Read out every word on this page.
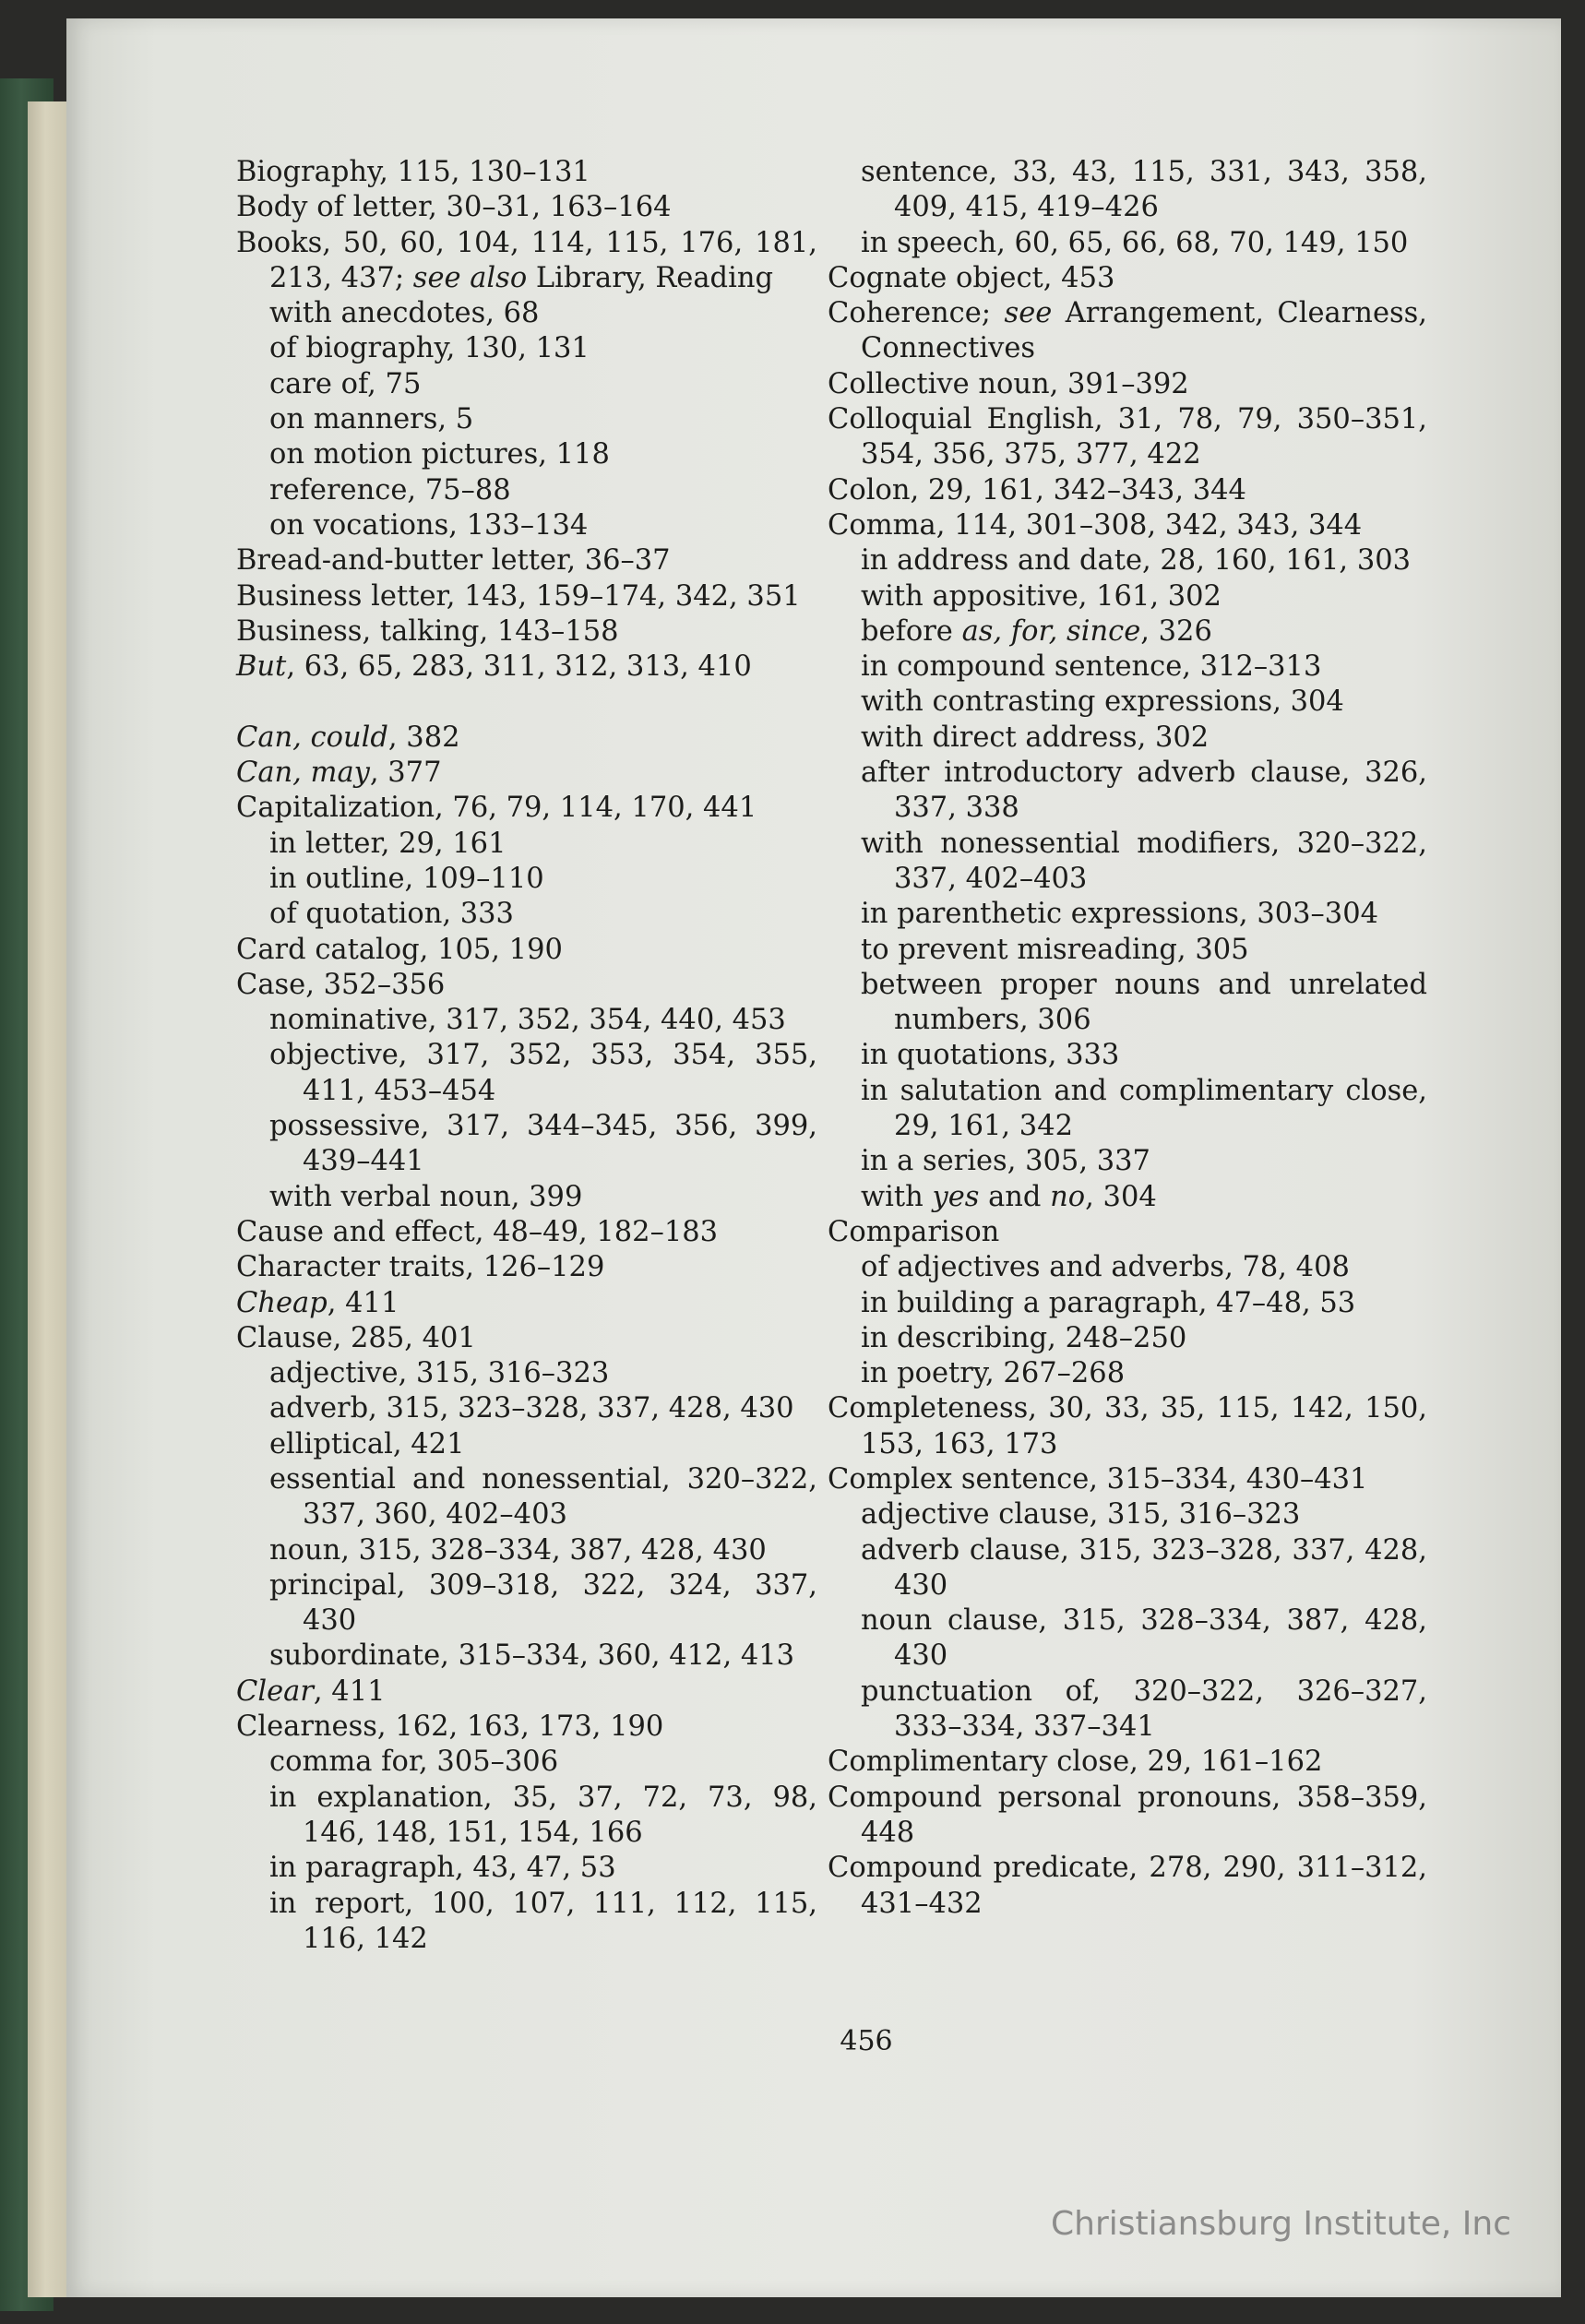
Biography, 115, 130–131
Body of letter, 30–31, 163–164
Books, 50, 60, 104, 114, 115, 176, 181, 213, 437; see also Library, Reading
with anecdotes, 68
of biography, 130, 131
care of, 75
on manners, 5
on motion pictures, 118
reference, 75–88
on vocations, 133–134
Bread-and-butter letter, 36–37
Business letter, 143, 159–174, 342, 351
Business, talking, 143–158
But, 63, 65, 283, 311, 312, 313, 410
Can, could, 382
Can, may, 377
Capitalization, 76, 79, 114, 170, 441
in letter, 29, 161
in outline, 109–110
of quotation, 333
Card catalog, 105, 190
Case, 352–356
nominative, 317, 352, 354, 440, 453
objective, 317, 352, 353, 354, 355, 411, 453–454
possessive, 317, 344–345, 356, 399, 439–441
with verbal noun, 399
Cause and effect, 48–49, 182–183
Character traits, 126–129
Cheap, 411
Clause, 285, 401
adjective, 315, 316–323
adverb, 315, 323–328, 337, 428, 430
elliptical, 421
essential and nonessential, 320–322, 337, 360, 402–403
noun, 315, 328–334, 387, 428, 430
principal, 309–318, 322, 324, 337, 430
subordinate, 315–334, 360, 412, 413
Clear, 411
Clearness, 162, 163, 173, 190
comma for, 305–306
in explanation, 35, 37, 72, 73, 98, 146, 148, 151, 154, 166
in paragraph, 43, 47, 53
in report, 100, 107, 111, 112, 115, 116, 142
sentence, 33, 43, 115, 331, 343, 358, 409, 415, 419–426
in speech, 60, 65, 66, 68, 70, 149, 150
Cognate object, 453
Coherence; see Arrangement, Clearness, Connectives
Collective noun, 391–392
Colloquial English, 31, 78, 79, 350–351, 354, 356, 375, 377, 422
Colon, 29, 161, 342–343, 344
Comma, 114, 301–308, 342, 343, 344
in address and date, 28, 160, 161, 303
with appositive, 161, 302
before as, for, since, 326
in compound sentence, 312–313
with contrasting expressions, 304
with direct address, 302
after introductory adverb clause, 326, 337, 338
with nonessential modifiers, 320–322, 337, 402–403
in parenthetic expressions, 303–304
to prevent misreading, 305
between proper nouns and unrelated numbers, 306
in quotations, 333
in salutation and complimentary close, 29, 161, 342
in a series, 305, 337
with yes and no, 304
Comparison
of adjectives and adverbs, 78, 408
in building a paragraph, 47–48, 53
in describing, 248–250
in poetry, 267–268
Completeness, 30, 33, 35, 115, 142, 150, 153, 163, 173
Complex sentence, 315–334, 430–431
adjective clause, 315, 316–323
adverb clause, 315, 323–328, 337, 428, 430
noun clause, 315, 328–334, 387, 428, 430
punctuation of, 320–322, 326–327, 333–334, 337–341
Complimentary close, 29, 161–162
Compound personal pronouns, 358–359, 448
Compound predicate, 278, 290, 311–312, 431–432
456
Christiansburg Institute, Inc
